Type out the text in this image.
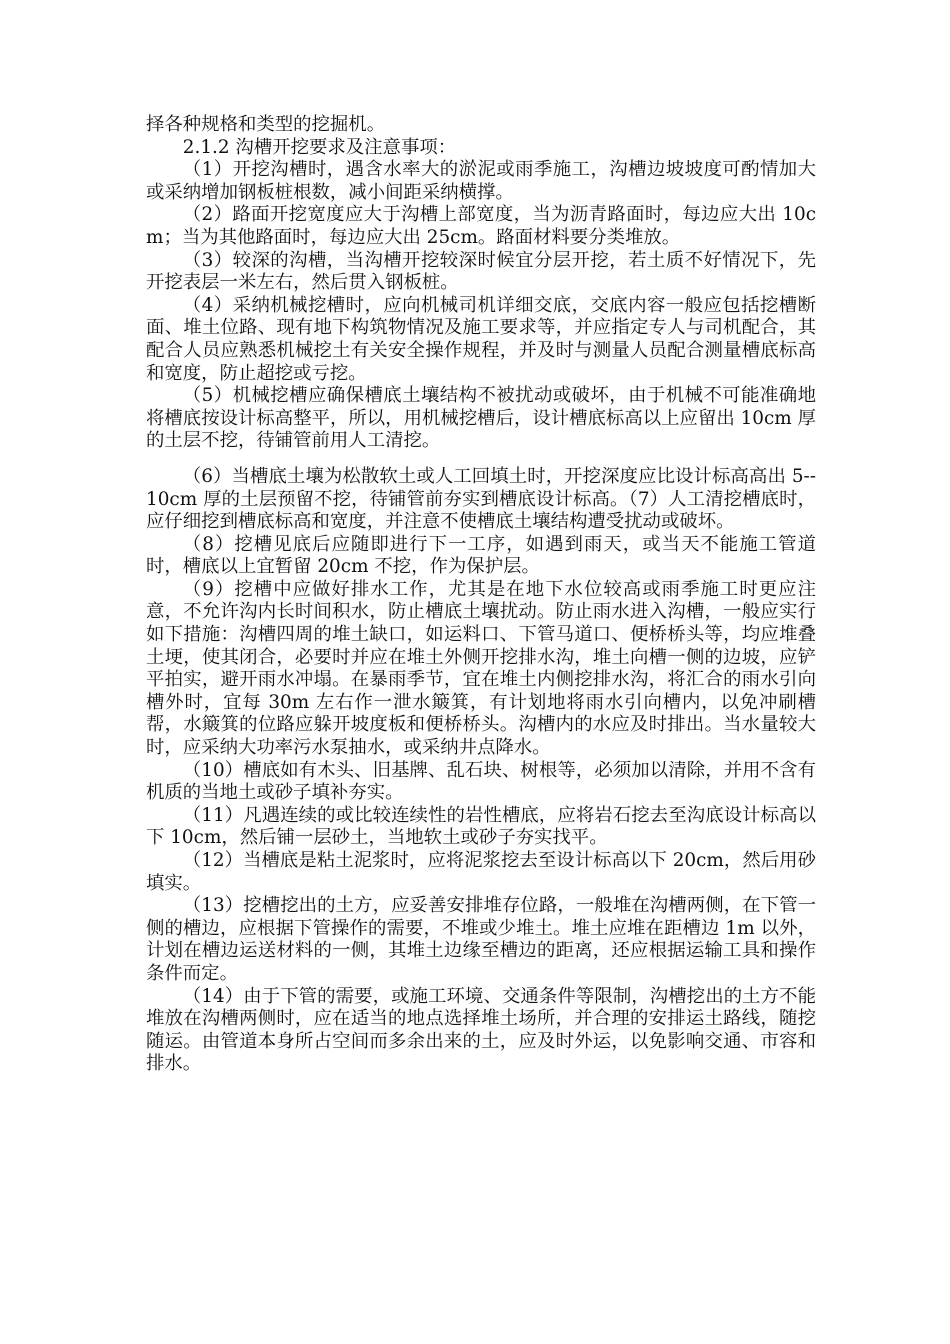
择各种规格和类型的挖掘机。

2.1.2 沟槽开挖要求及注意事项：

（1）开挖沟槽时，遇含水率大的淤泥或雨季施工，沟槽边坡坡度可酌情加大或采纳增加钢板桩根数，减小间距采纳横撑。

（2）路面开挖宽度应大于沟槽上部宽度，当为沥青路面时，每边应大出 10cm；当为其他路面时，每边应大出 25cm。路面材料要分类堆放。

（3）较深的沟槽，当沟槽开挖较深时候宜分层开挖，若土质不好情况下，先开挖表层一米左右，然后贯入钢板桩。

（4）采纳机械挖槽时，应向机械司机详细交底，交底内容一般应包括挖槽断面、堆土位路、现有地下构筑物情况及施工要求等，并应指定专人与司机配合，其配合人员应熟悉机械挖土有关安全操作规程，并及时与测量人员配合测量槽底标高和宽度，防止超挖或亏挖。

（5）机械挖槽应确保槽底土壤结构不被扰动或破坏，由于机械不可能准确地将槽底按设计标高整平，所以，用机械挖槽后，设计槽底标高以上应留出 10cm 厚的土层不挖，待铺管前用人工清挖。

（6）当槽底土壤为松散软土或人工回填土时，开挖深度应比设计标高高出 5--10cm 厚的土层预留不挖，待铺管前夯实到槽底设计标高。（7）人工清挖槽底时，应仔细挖到槽底标高和宽度，并注意不使槽底土壤结构遭受扰动或破坏。

（8）挖槽见底后应随即进行下一工序，如遇到雨天，或当天不能施工管道时，槽底以上宜暂留 20cm 不挖，作为保护层。

（9）挖槽中应做好排水工作，尤其是在地下水位较高或雨季施工时更应注意，不允许沟内长时间积水，防止槽底土壤扰动。防止雨水进入沟槽，一般应实行如下措施：沟槽四周的堆土缺口，如运料口、下管马道口、便桥桥头等，均应堆叠土埂，使其闭合，必要时并应在堆土外侧开挖排水沟，堆土向槽一侧的边坡，应铲平拍实，避开雨水冲塌。在暴雨季节，宜在堆土内侧挖排水沟，将汇合的雨水引向槽外时，宜每 30m 左右作一泄水簸箕，有计划地将雨水引向槽内，以免冲刷槽帮，水簸箕的位路应躲开坡度板和便桥桥头。沟槽内的水应及时排出。当水量较大时，应采纳大功率污水泵抽水，或采纳井点降水。

（10）槽底如有木头、旧基牌、乱石块、树根等，必须加以清除，并用不含有机质的当地土或砂子填补夯实。

（11）凡遇连续的或比较连续性的岩性槽底，应将岩石挖去至沟底设计标高以下 10cm，然后铺一层砂土，当地软土或砂子夯实找平。

（12）当槽底是粘土泥浆时，应将泥浆挖去至设计标高以下 20cm，然后用砂填实。

（13）挖槽挖出的土方，应妥善安排堆存位路，一般堆在沟槽两侧，在下管一侧的槽边，应根据下管操作的需要，不堆或少堆土。堆土应堆在距槽边 1m 以外，计划在槽边运送材料的一侧，其堆土边缘至槽边的距离，还应根据运输工具和操作条件而定。

（14）由于下管的需要，或施工环境、交通条件等限制，沟槽挖出的土方不能堆放在沟槽两侧时，应在适当的地点选择堆土场所，并合理的安排运土路线，随挖随运。由管道本身所占空间而多余出来的土，应及时外运，以免影响交通、市容和排水。
